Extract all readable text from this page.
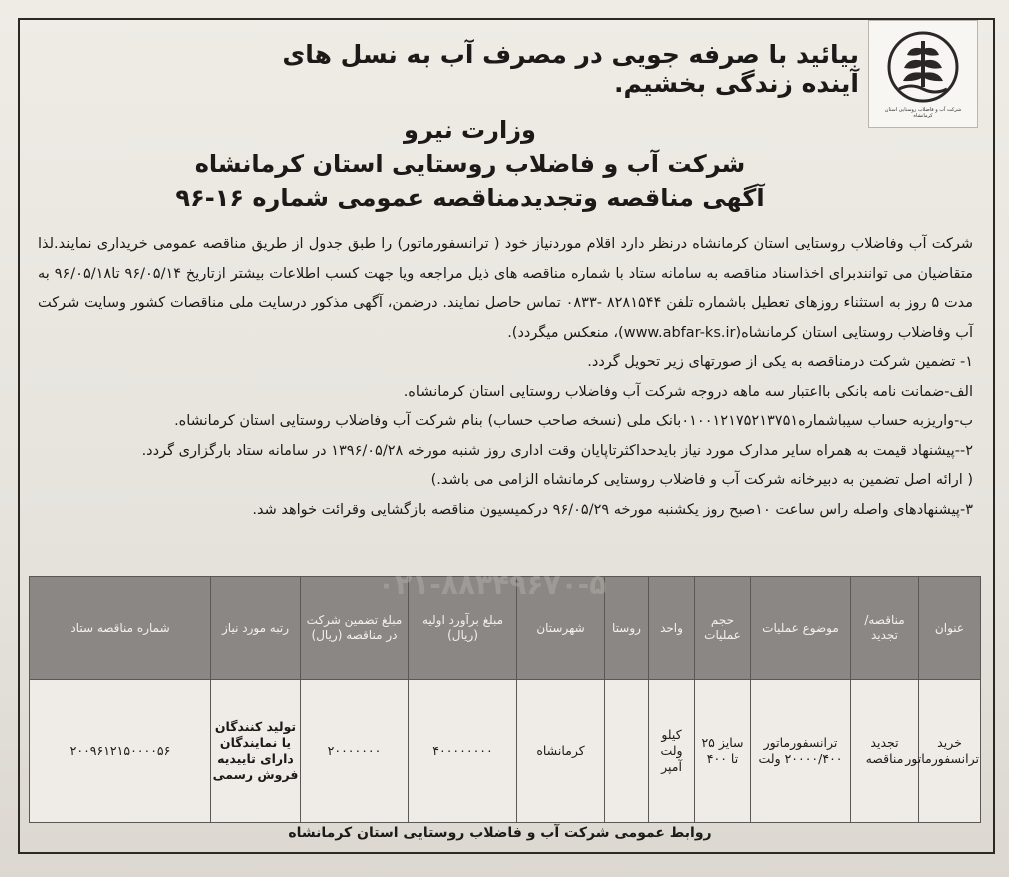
شرکت آب و فاضلاب روستایی استان کرمانشاه
بیائید با صرفه جویی در مصرف آب به نسل های آینده زندگی بخشیم.
وزارت نیرو
شرکت آب و فاضلاب روستایی استان کرمانشاه
آگهی مناقصه وتجدیدمناقصه عمومی شماره ۱۶-۹۶

شرکت آب وفاضلاب روستایی استان کرمانشاه درنظر دارد اقلام موردنیاز خود ( ترانسفورماتور) را طبق جدول از طریق مناقصه عمومی خریداری نمایند.لذا متقاضیان می توانندبرای اخذاسناد مناقصه به سامانه ستاد با شماره مناقصه های ذیل مراجعه ویا جهت کسب اطلاعات بیشتر ازتاریخ ۹۶/۰۵/۱۴ تا۹۶/۰۵/۱۸ به مدت ۵ روز به استثناء روزهای تعطیل باشماره تلفن ۸۲۸۱۵۴۴ -۰۸۳۳ تماس حاصل نمایند. درضمن، آگهی مذکور درسایت ملی مناقصات کشور وسایت شرکت آب وفاضلاب روستایی استان کرمانشاه(www.abfar-ks.ir)، منعکس میگردد).

۱- تضمین شرکت درمناقصه به یکی از صورتهای زیر تحویل گردد.

الف-ضمانت نامه بانکی بااعتبار سه ماهه دروجه شرکت آب وفاضلاب روستایی استان کرمانشاه.

ب-واریزبه حساب سیباشماره۰۱۰۰۱۲۱۷۵۲۱۳۷۵۱بانک ملی (نسخه صاحب حساب) بنام شرکت آب وفاضلاب روستایی استان کرمانشاه.

۲--پیشنهاد قیمت به همراه سایر مدارک مورد نیاز بایدحداکثرتاپایان وقت اداری روز شنبه مورخه ۱۳۹۶/۰۵/۲۸ در سامانه ستاد بارگزاری گردد.

( ارائه اصل تضمین به دبیرخانه شرکت آب و فاضلاب روستایی کرمانشاه الزامی می باشد.)

۳-پیشنهادهای واصله راس ساعت ۱۰صبح روز یکشنبه مورخه ۹۶/۰۵/۲۹ درکمیسیون مناقصه بازگشایی وقرائت خواهد شد.

عنوان	مناقصه/ تجدید	موضوع عملیات	حجم عملیات	واحد	روستا	شهرستان	مبلغ برآورد اولیه (ریال)	مبلغ تضمین شرکت در مناقصه (ریال)	رتبه مورد نیاز	شماره مناقصه ستاد
خرید ترانسفورماتور	تجدید مناقصه	ترانسفورماتور ۲۰۰۰۰/۴۰۰ ولت	سایز ۲۵ تا ۴۰۰	کیلو ولت آمپر		کرمانشاه	۴۰۰۰۰۰۰۰۰	۲۰۰۰۰۰۰۰	تولید کنندگان یا نمایندگان دارای تاییدیه فروش رسمی	۲۰۰۹۶۱۲۱۵۰۰۰۰۵۶
۰۲۱-۸۸۳۴۹۶۷۰-۵
روابط عمومی شرکت آب و فاضلاب روستایی استان کرمانشاه
